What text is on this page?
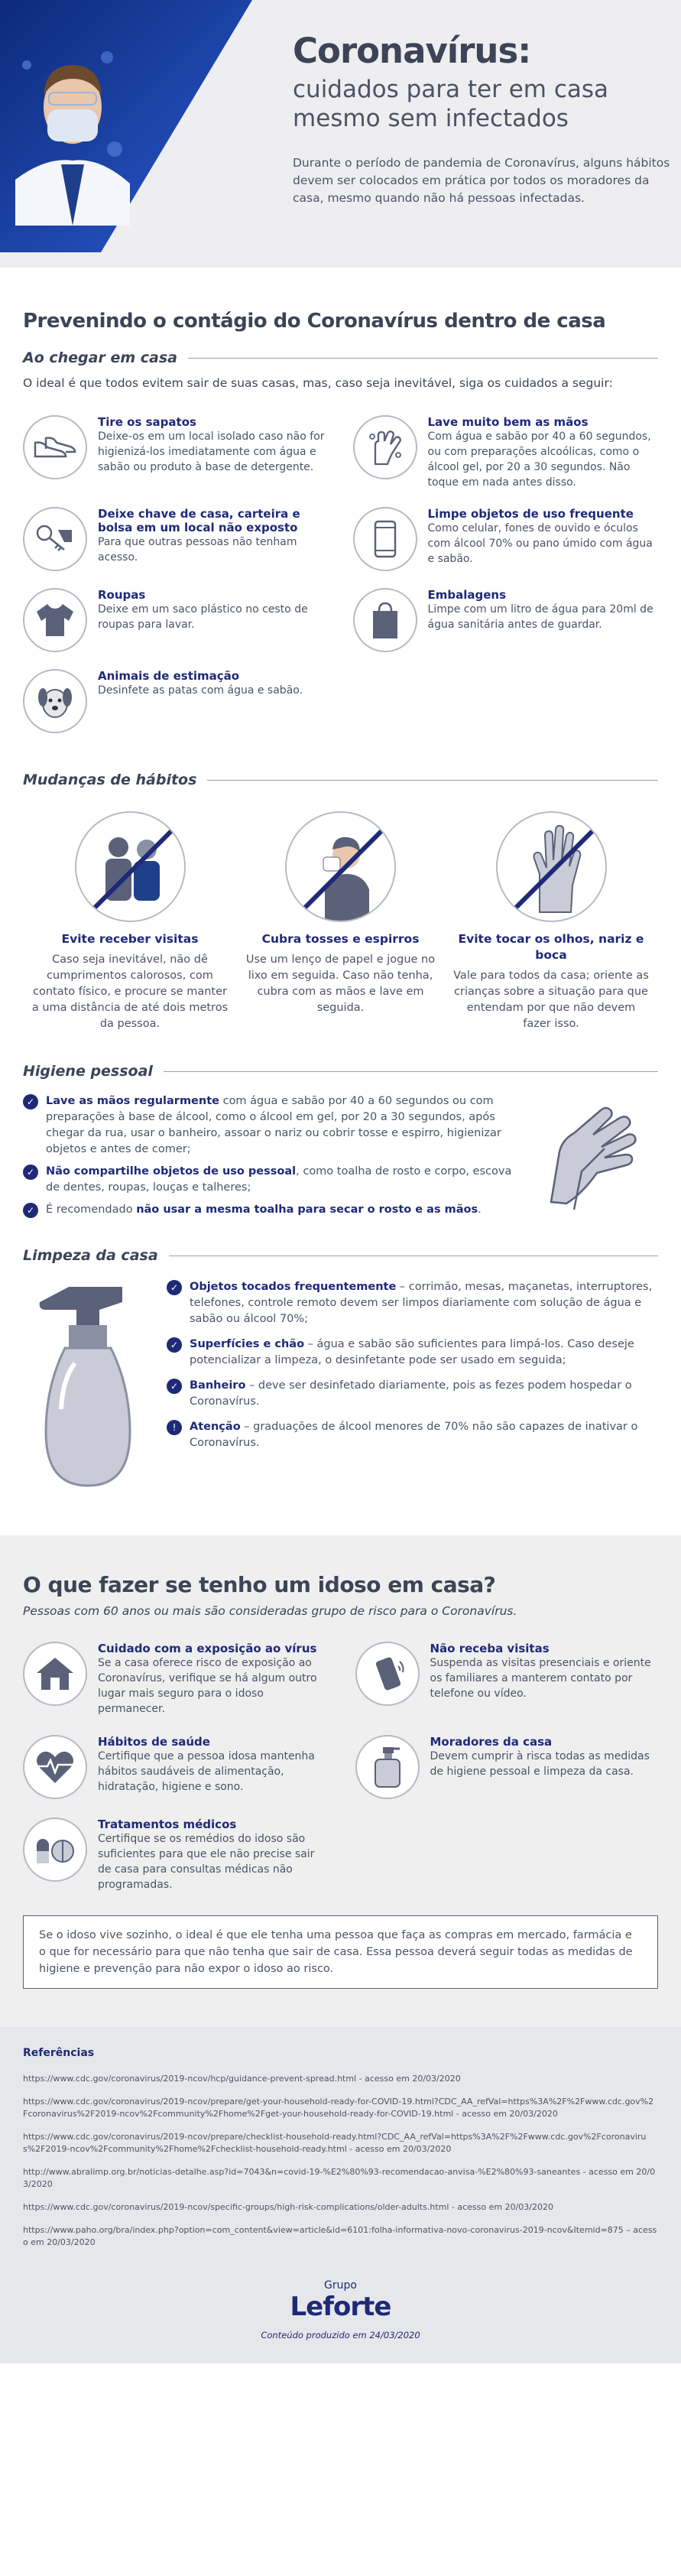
Coronavírus:
cuidados para ter em casa mesmo sem infectados
Durante o período de pandemia de Coronavírus, alguns hábitos devem ser colocados em prática por todos os moradores da casa, mesmo quando não há pessoas infectadas.
Prevenindo o contágio do Coronavírus dentro de casa
Ao chegar em casa
O ideal é que todos evitem sair de suas casas, mas, caso seja inevitável, siga os cuidados a seguir:
Tire os sapatos
Deixe-os em um local isolado caso não for higienizá-los imediatamente com água e sabão ou produto à base de detergente.
Lave muito bem as mãos
Com água e sabão por 40 a 60 segundos, ou com preparações alcoólicas, como o álcool gel, por 20 a 30 segundos. Não toque em nada antes disso.
Deixe chave de casa, carteira e bolsa em um local não exposto
Para que outras pessoas não tenham acesso.
Limpe objetos de uso frequente
Como celular, fones de ouvido e óculos com álcool 70% ou pano úmido com água e sabão.
Roupas
Deixe em um saco plástico no cesto de roupas para lavar.
Embalagens
Limpe com um litro de água para 20ml de água sanitária antes de guardar.
Animais de estimação
Desinfete as patas com água e sabão.
Mudanças de hábitos
Evite receber visitas
Caso seja inevitável, não dê cumprimentos calorosos, com contato físico, e procure se manter a uma distância de até dois metros da pessoa.
Cubra tosses e espirros
Use um lenço de papel e jogue no lixo em seguida. Caso não tenha, cubra com as mãos e lave em seguida.
Evite tocar os olhos, nariz e boca
Vale para todos da casa; oriente as crianças sobre a situação para que entendam por que não devem fazer isso.
Higiene pessoal
✓	Lave as mãos regularmente com água e sabão por 40 a 60 segundos ou com preparações à base de álcool, como o álcool em gel, por 20 a 30 segundos, após chegar da rua, usar o banheiro, assoar o nariz ou cobrir tosse e espirro, higienizar objetos e antes de comer;
✓	Não compartilhe objetos de uso pessoal, como toalha de rosto e corpo, escova de dentes, roupas, louças e talheres;
✓	É recomendado não usar a mesma toalha para secar o rosto e as mãos.
Limpeza da casa
✓	Objetos tocados frequentemente – corrimão, mesas, maçanetas, interruptores, telefones, controle remoto devem ser limpos diariamente com solução de água e sabão ou álcool 70%;
✓	Superfícies e chão – água e sabão são suficientes para limpá-los. Caso deseje potencializar a limpeza, o desinfetante pode ser usado em seguida;
✓	Banheiro – deve ser desinfetado diariamente, pois as fezes podem hospedar o Coronavírus.
!	Atenção – graduações de álcool menores de 70% não são capazes de inativar o Coronavírus.
O que fazer se tenho um idoso em casa?
Pessoas com 60 anos ou mais são consideradas grupo de risco para o Coronavírus.
Cuidado com a exposição ao vírus
Se a casa oferece risco de exposição ao Coronavírus, verifique se há algum outro lugar mais seguro para o idoso permanecer.
Não receba visitas
Suspenda as visitas presenciais e oriente os familiares a manterem contato por telefone ou vídeo.
Hábitos de saúde
Certifique que a pessoa idosa mantenha hábitos saudáveis de alimentação, hidratação, higiene e sono.
Moradores da casa
Devem cumprir à risca todas as medidas de higiene pessoal e limpeza da casa.
Tratamentos médicos
Certifique se os remédios do idoso são suficientes para que ele não precise sair de casa para consultas médicas não programadas.
Se o idoso vive sozinho, o ideal é que ele tenha uma pessoa que faça as compras em mercado, farmácia e o que for necessário para que não tenha que sair de casa. Essa pessoa deverá seguir todas as medidas de higiene e prevenção para não expor o idoso ao risco.
Referências
https://www.cdc.gov/coronavirus/2019-ncov/hcp/guidance-prevent-spread.html - acesso em 20/03/2020
https://www.cdc.gov/coronavirus/2019-ncov/prepare/get-your-household-ready-for-COVID-19.html?CDC_AA_refVal=https%3A%2F%2Fwww.cdc.gov%2Fcoronavirus%2F2019-ncov%2Fcommunity%2Fhome%2Fget-your-household-ready-for-COVID-19.html - acesso em 20/03/2020
https://www.cdc.gov/coronavirus/2019-ncov/prepare/checklist-household-ready.html?CDC_AA_refVal=https%3A%2F%2Fwww.cdc.gov%2Fcoronavirus%2F2019-ncov%2Fcommunity%2Fhome%2Fchecklist-household-ready.html - acesso em 20/03/2020
http://www.abralimp.org.br/noticias-detalhe.asp?id=7043&n=covid-19-%E2%80%93-recomendacao-anvisa-%E2%80%93-saneantes - acesso em 20/03/2020
https://www.cdc.gov/coronavirus/2019-ncov/specific-groups/high-risk-complications/older-adults.html - acesso em 20/03/2020
https://www.paho.org/bra/index.php?option=com_content&view=article&id=6101:folha-informativa-novo-coronavirus-2019-ncov&Itemid=875 – acesso em 20/03/2020
Grupo
Leforte
Conteúdo produzido em 24/03/2020
